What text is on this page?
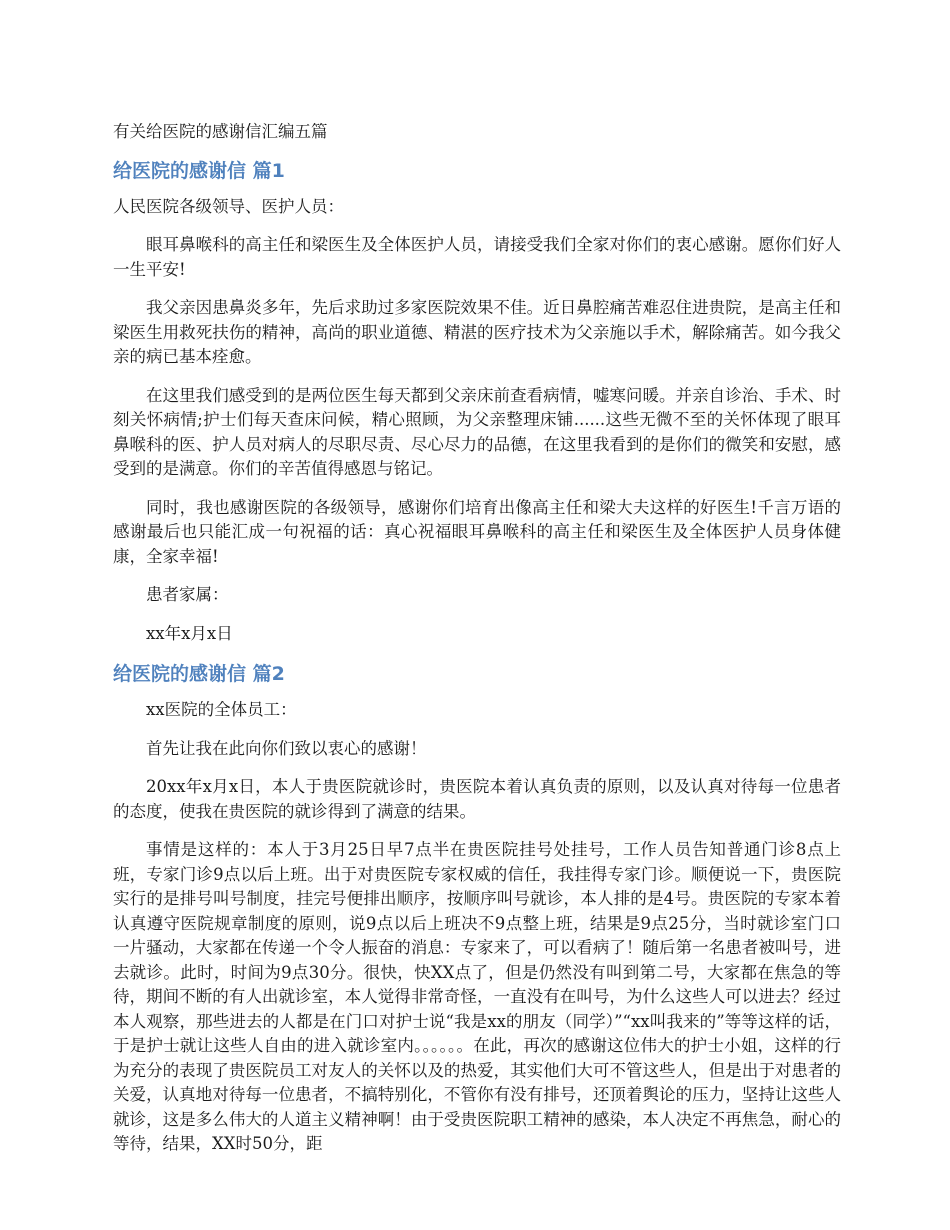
有关给医院的感谢信汇编五篇
给医院的感谢信 篇1

人民医院各级领导、医护人员：

眼耳鼻喉科的高主任和梁医生及全体医护人员，请接受我们全家对你们的衷心感谢。愿你们好人一生平安!

我父亲因患鼻炎多年，先后求助过多家医院效果不佳。近日鼻腔痛苦难忍住进贵院，是高主任和梁医生用救死扶伤的精神，高尚的职业道德、精湛的医疗技术为父亲施以手术，解除痛苦。如今我父亲的病已基本痊愈。

在这里我们感受到的是两位医生每天都到父亲床前查看病情，嘘寒问暖。并亲自诊治、手术、时刻关怀病情;护士们每天查床问候，精心照顾，为父亲整理床铺......这些无微不至的关怀体现了眼耳鼻喉科的医、护人员对病人的尽职尽责、尽心尽力的品德，在这里我看到的是你们的微笑和安慰，感受到的是满意。你们的辛苦值得感恩与铭记。

同时，我也感谢医院的各级领导，感谢你们培育出像高主任和梁大夫这样的好医生!千言万语的感谢最后也只能汇成一句祝福的话：真心祝福眼耳鼻喉科的高主任和梁医生及全体医护人员身体健康，全家幸福!

患者家属：

xx年x月x日

给医院的感谢信 篇2

xx医院的全体员工：

首先让我在此向你们致以衷心的感谢！

20xx年x月x日，本人于贵医院就诊时，贵医院本着认真负责的原则，以及认真对待每一位患者的态度，使我在贵医院的就诊得到了满意的结果。

事情是这样的：本人于3月25日早7点半在贵医院挂号处挂号，工作人员告知普通门诊8点上班，专家门诊9点以后上班。出于对贵医院专家权威的信任，我挂得专家门诊。顺便说一下，贵医院实行的是排号叫号制度，挂完号便排出顺序，按顺序叫号就诊，本人排的是4号。贵医院的专家本着认真遵守医院规章制度的原则，说9点以后上班决不9点整上班，结果是9点25分，当时就诊室门口一片骚动，大家都在传递一个令人振奋的消息：专家来了，可以看病了！随后第一名患者被叫号，进去就诊。此时，时间为9点30分。很快，快XX点了，但是仍然没有叫到第二号，大家都在焦急的等待，期间不断的有人出就诊室，本人觉得非常奇怪，一直没有在叫号，为什么这些人可以进去？经过本人观察，那些进去的人都是在门口对护士说“我是xx的朋友（同学）”“xx叫我来的”等等这样的话，于是护士就让这些人自由的进入就诊室内。。。。。。在此，再次的感谢这位伟大的护士小姐，这样的行为充分的表现了贵医院员工对友人的关怀以及的热爱，其实他们大可不管这些人，但是出于对患者的关爱，认真地对待每一位患者，不搞特别化，不管你有没有排号，还顶着舆论的压力，坚持让这些人就诊，这是多么伟大的人道主义精神啊！由于受贵医院职工精神的感染，本人决定不再焦急，耐心的等待，结果，XX时50分，距
